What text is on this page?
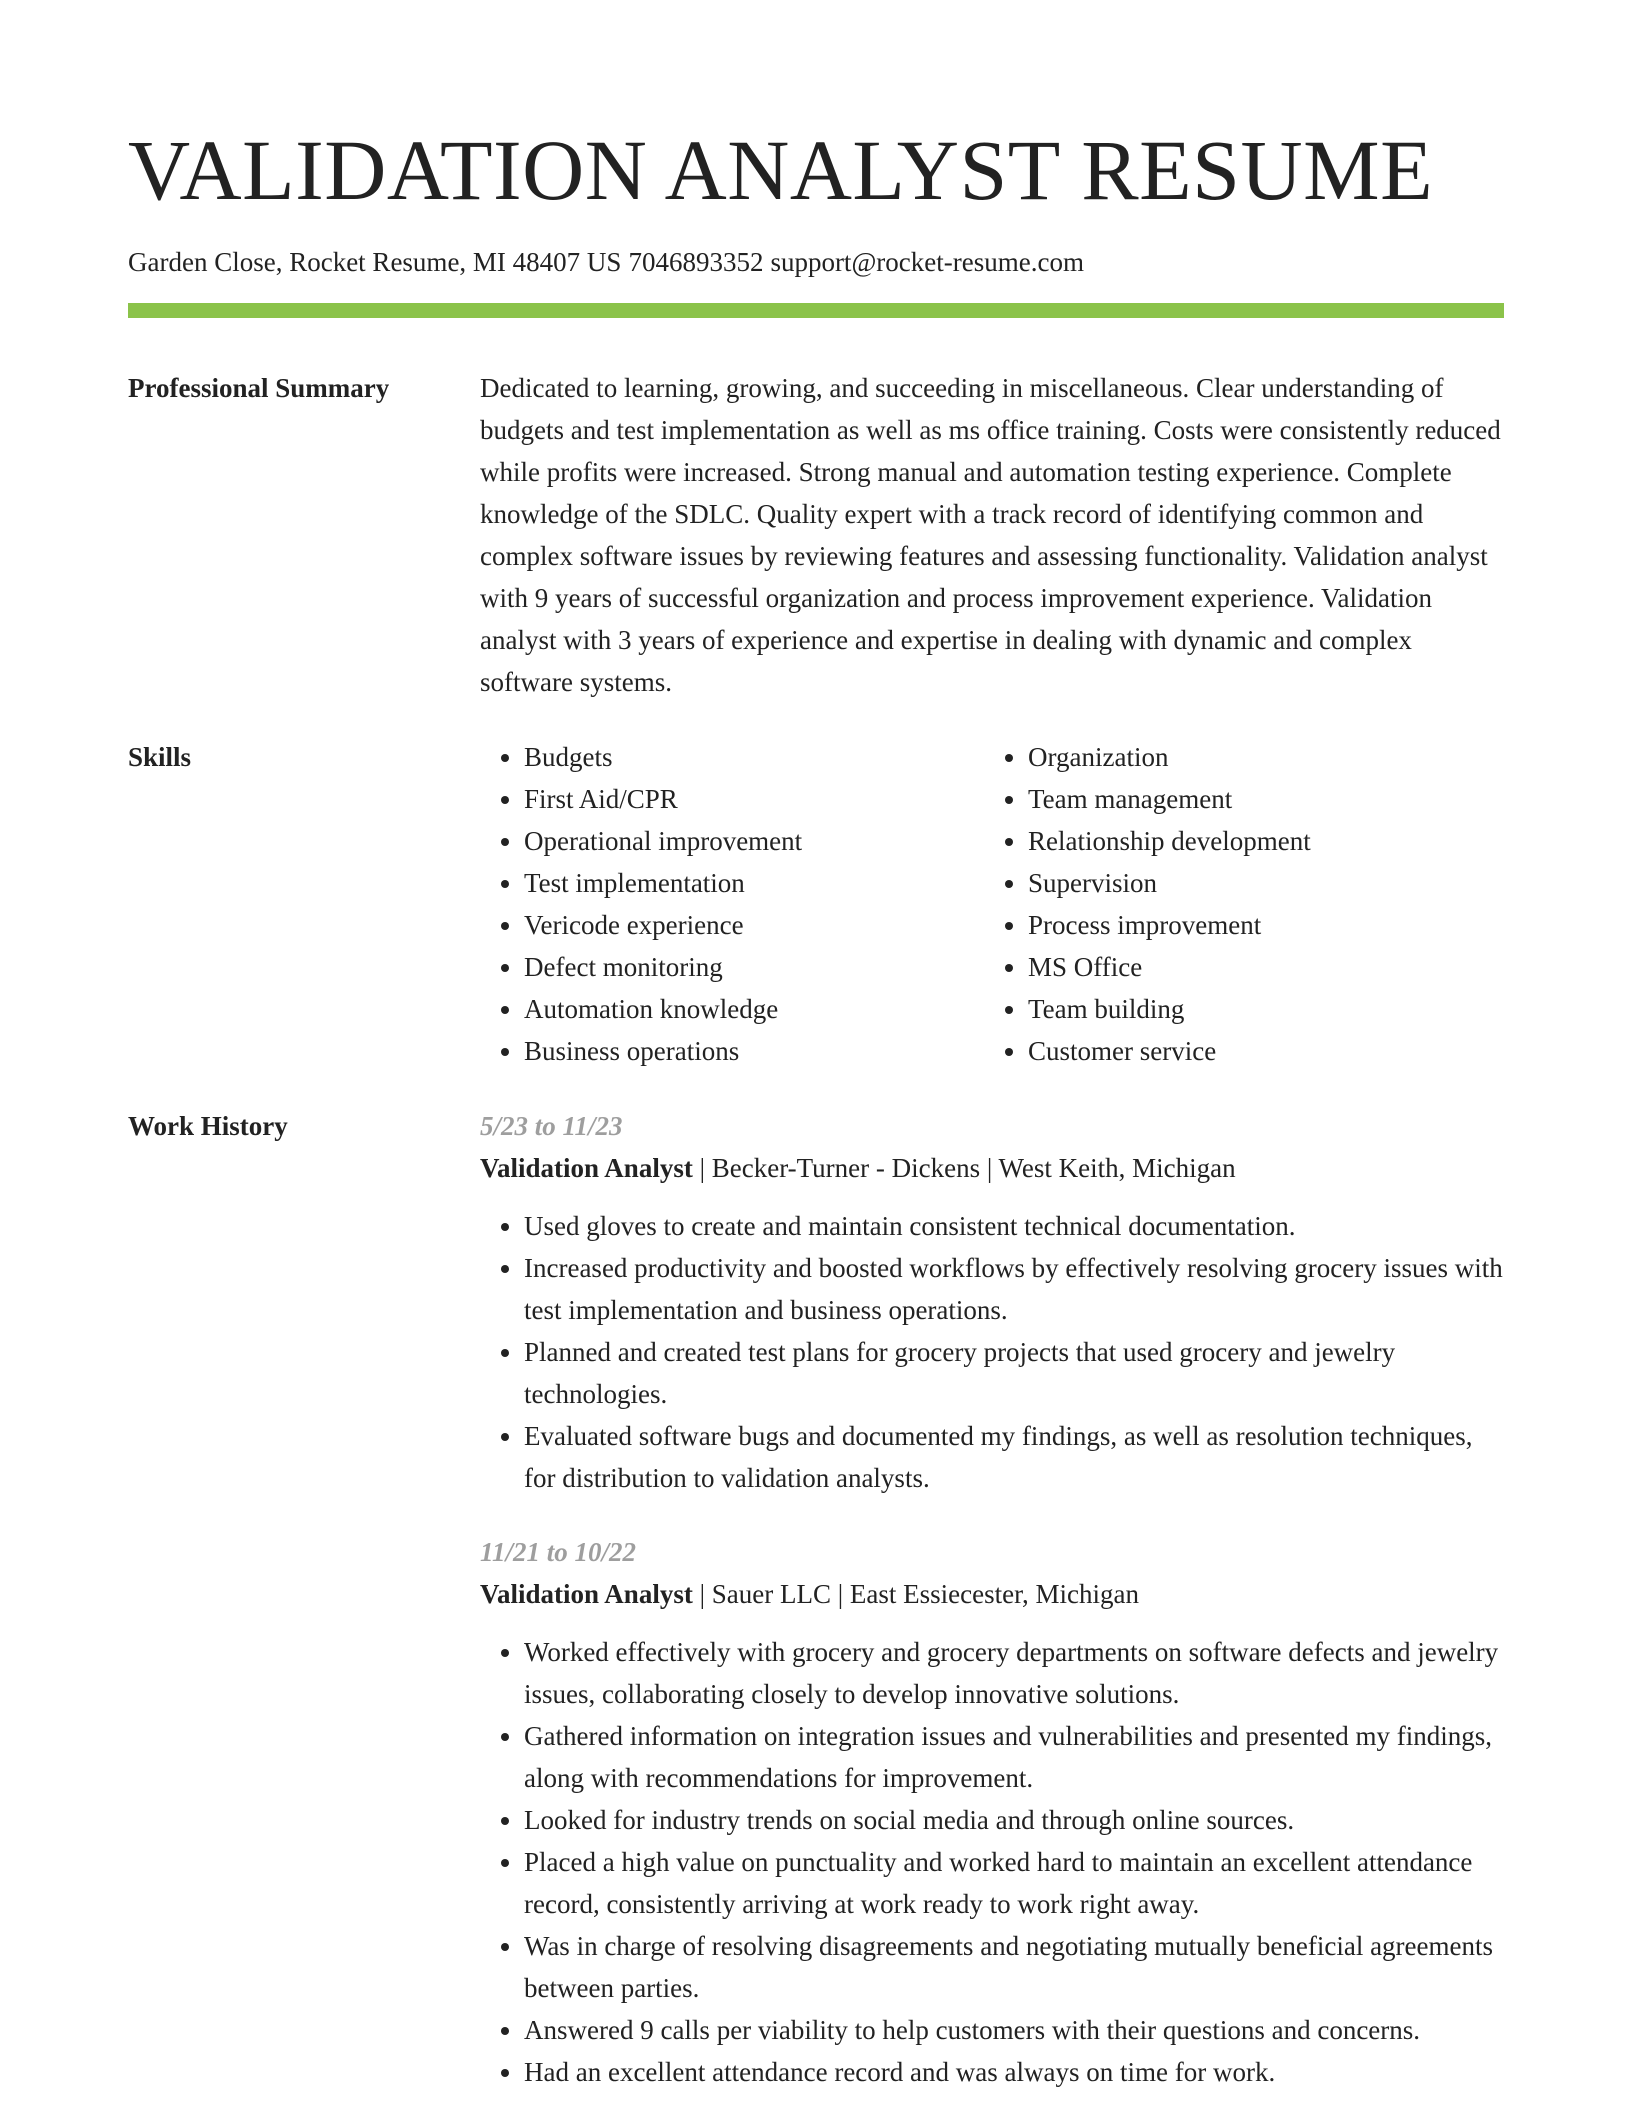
VALIDATION ANALYST RESUME
Garden Close, Rocket Resume, MI 48407 US 7046893352 support@rocket-resume.com
Professional Summary	Dedicated to learning, growing, and succeeding in miscellaneous. Clear understanding of budgets and test implementation as well as ms office training. Costs were consistently reduced while profits were increased. Strong manual and automation testing experience. Complete knowledge of the SDLC. Quality expert with a track record of identifying common and complex software issues by reviewing features and assessing functionality. Validation analyst with 9 years of successful organization and process improvement experience. Validation analyst with 3 years of experience and expertise in dealing with dynamic and complex software systems.

Skills
•	Budgets
• First Aid/CPR
• Operational improvement
• Test implementation
• Vericode experience
• Defect monitoring
• Automation knowledge
• Business operations
• Organization
• Team management
• Relationship development
• Supervision
• Process improvement
• MS Office
• Team building
• Customer service
Work History	5/23 to 11/23
Validation Analyst | Becker-Turner - Dickens | West Keith, Michigan
• Used gloves to create and maintain consistent technical documentation.
• Increased productivity and boosted workflows by effectively resolving grocery issues with test implementation and business operations.
• Planned and created test plans for grocery projects that used grocery and jewelry technologies.
• Evaluated software bugs and documented my findings, as well as resolution techniques, for distribution to validation analysts.
11/21 to 10/22
Validation Analyst | Sauer LLC | East Essiecester, Michigan
• Worked effectively with grocery and grocery departments on software defects and jewelry issues, collaborating closely to develop innovative solutions.
• Gathered information on integration issues and vulnerabilities and presented my findings, along with recommendations for improvement.
• Looked for industry trends on social media and through online sources.
• Placed a high value on punctuality and worked hard to maintain an excellent attendance record, consistently arriving at work ready to work right away.
• Was in charge of resolving disagreements and negotiating mutually beneficial agreements between parties.
• Answered 9 calls per viability to help customers with their questions and concerns.
• Had an excellent attendance record and was always on time for work.
